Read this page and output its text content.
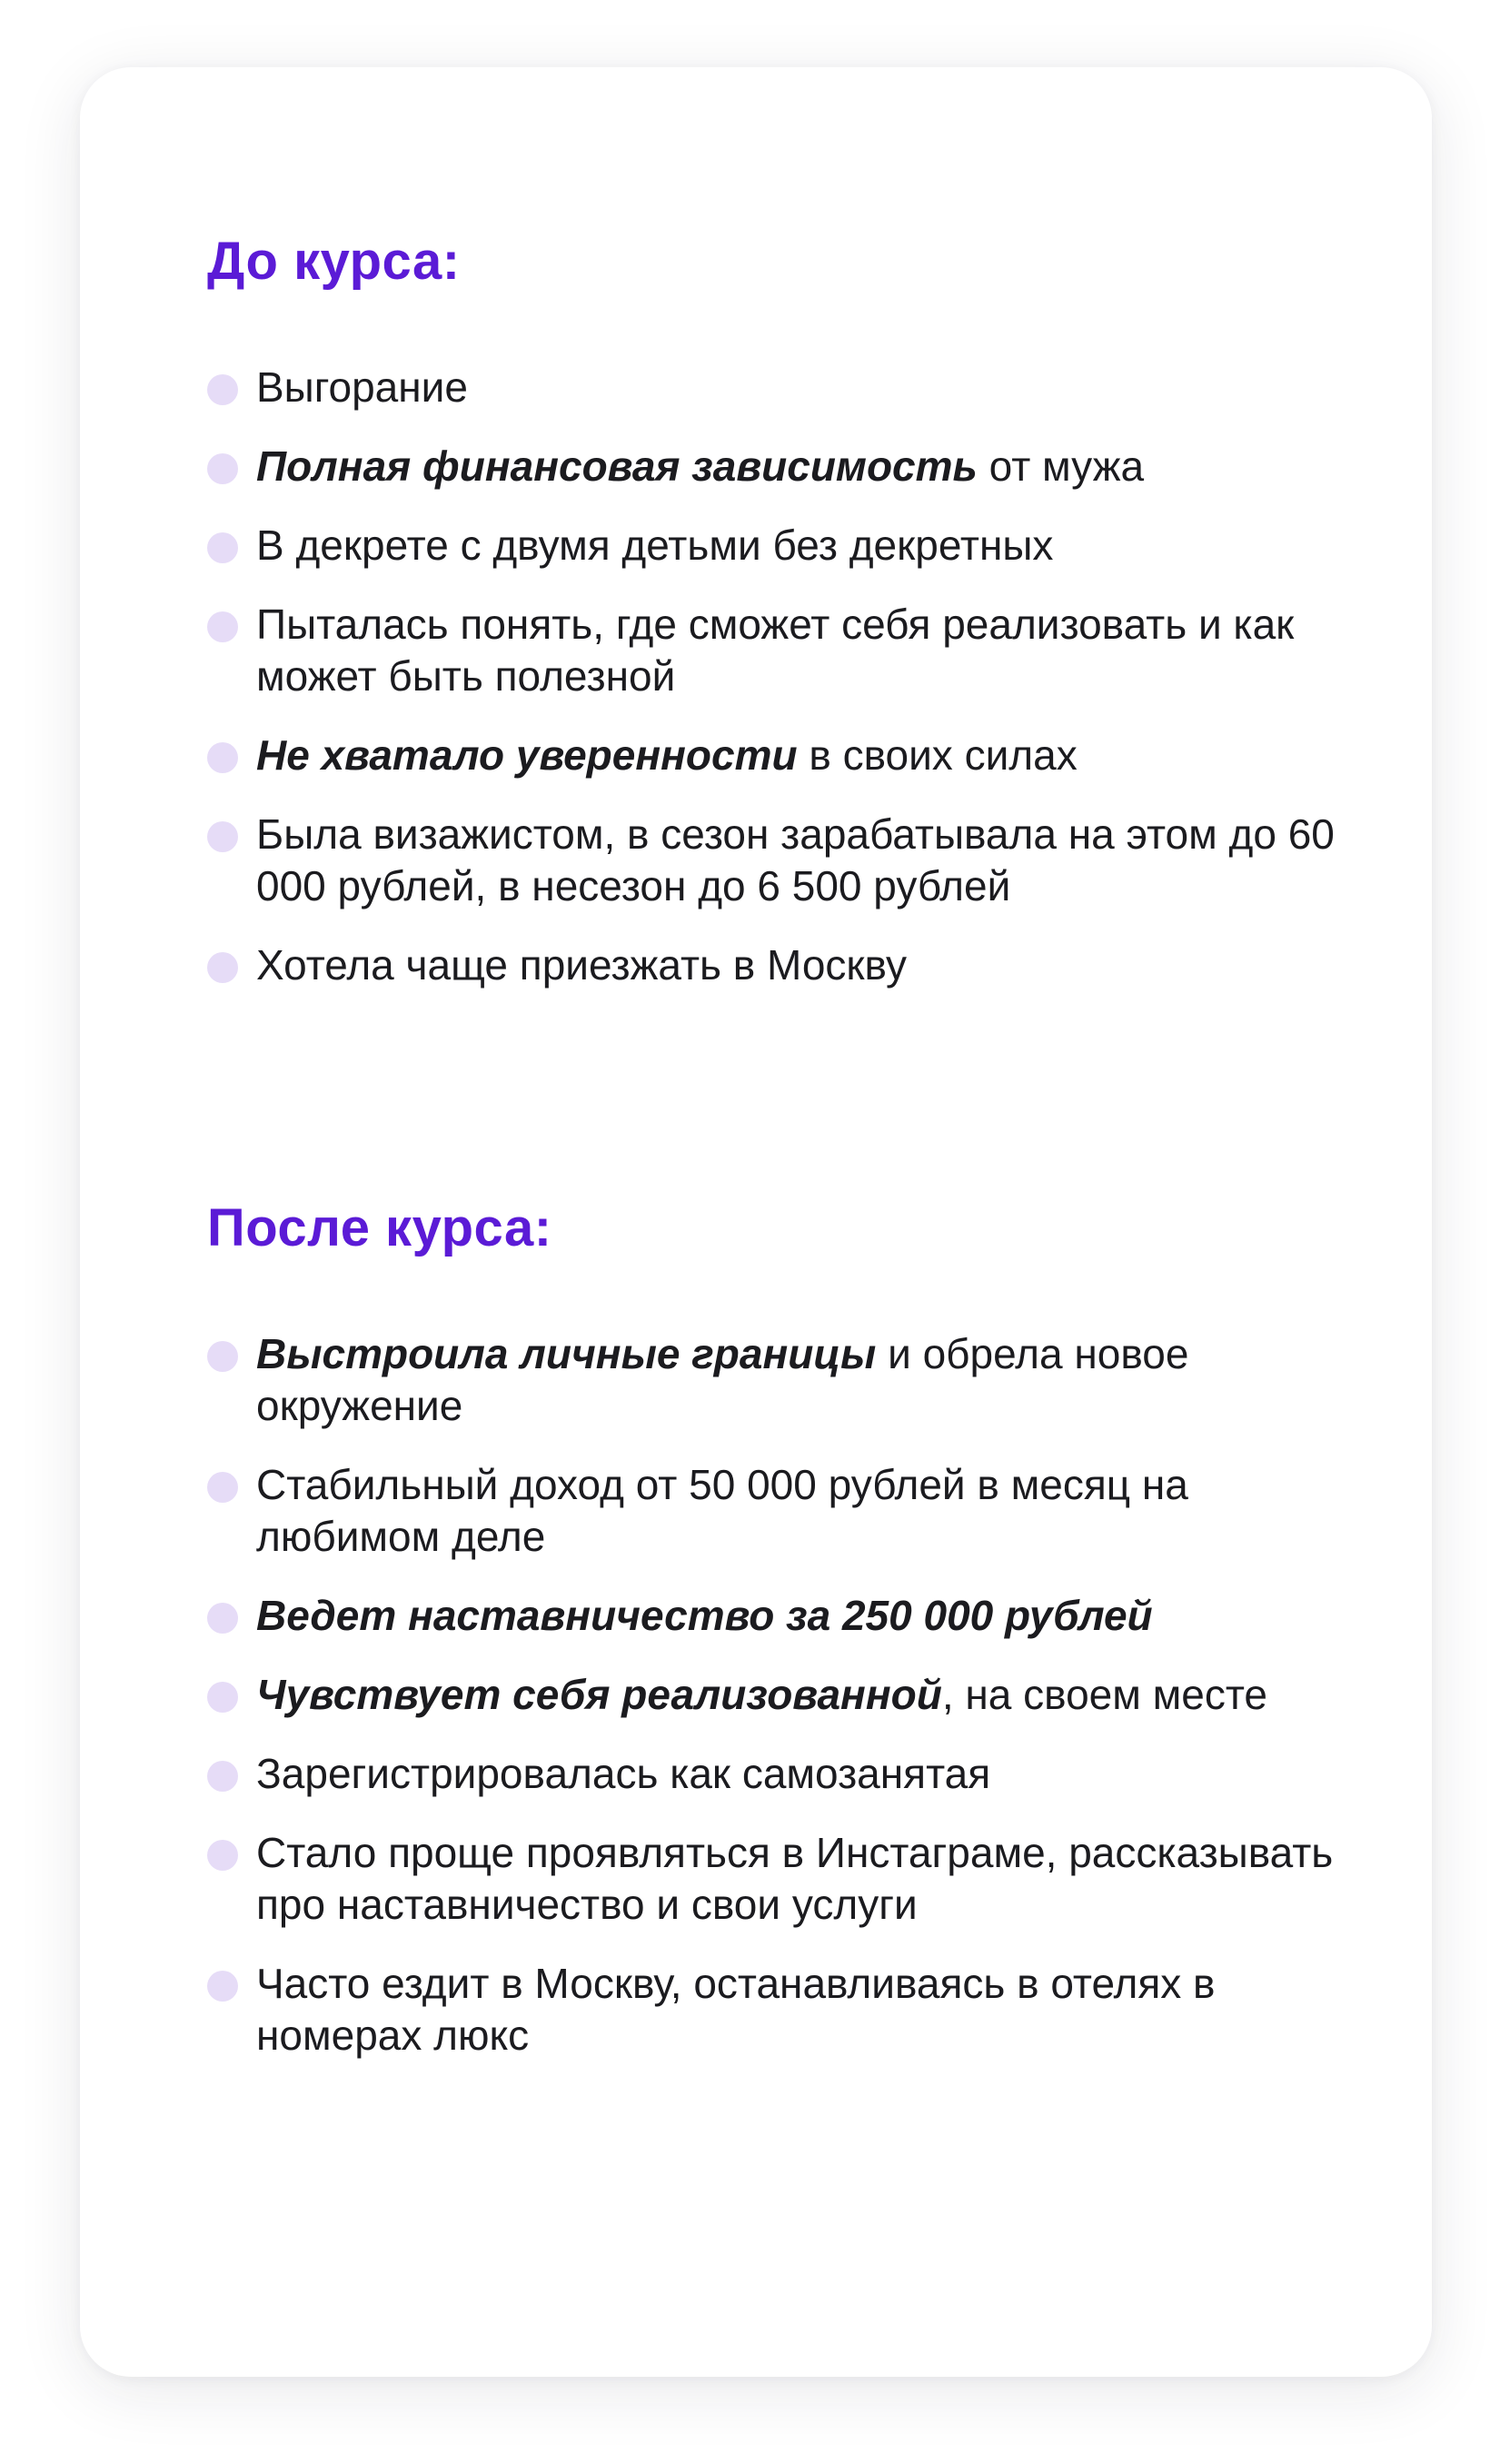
До курса:
Выгорание
Полная финансовая зависимость от мужа
В декрете с двумя детьми без декретных
Пыталась понять, где сможет себя реализовать и как может быть полезной
Не хватало уверенности в своих силах
Была визажистом, в сезон зарабатывала на этом до 60 000 рублей, в несезон до 6 500 рублей
Хотела чаще приезжать в Москву
После курса:
Выстроила личные границы и обрела новое окружение
Стабильный доход от 50 000 рублей в месяц на любимом деле
Ведет наставничество за 250 000 рублей
Чувствует себя реализованной, на своем месте
Зарегистрировалась как самозанятая
Стало проще проявляться в Инстаграме, рассказывать про наставничество и свои услуги
Часто ездит в Москву, останавливаясь в отелях в номерах люкс
